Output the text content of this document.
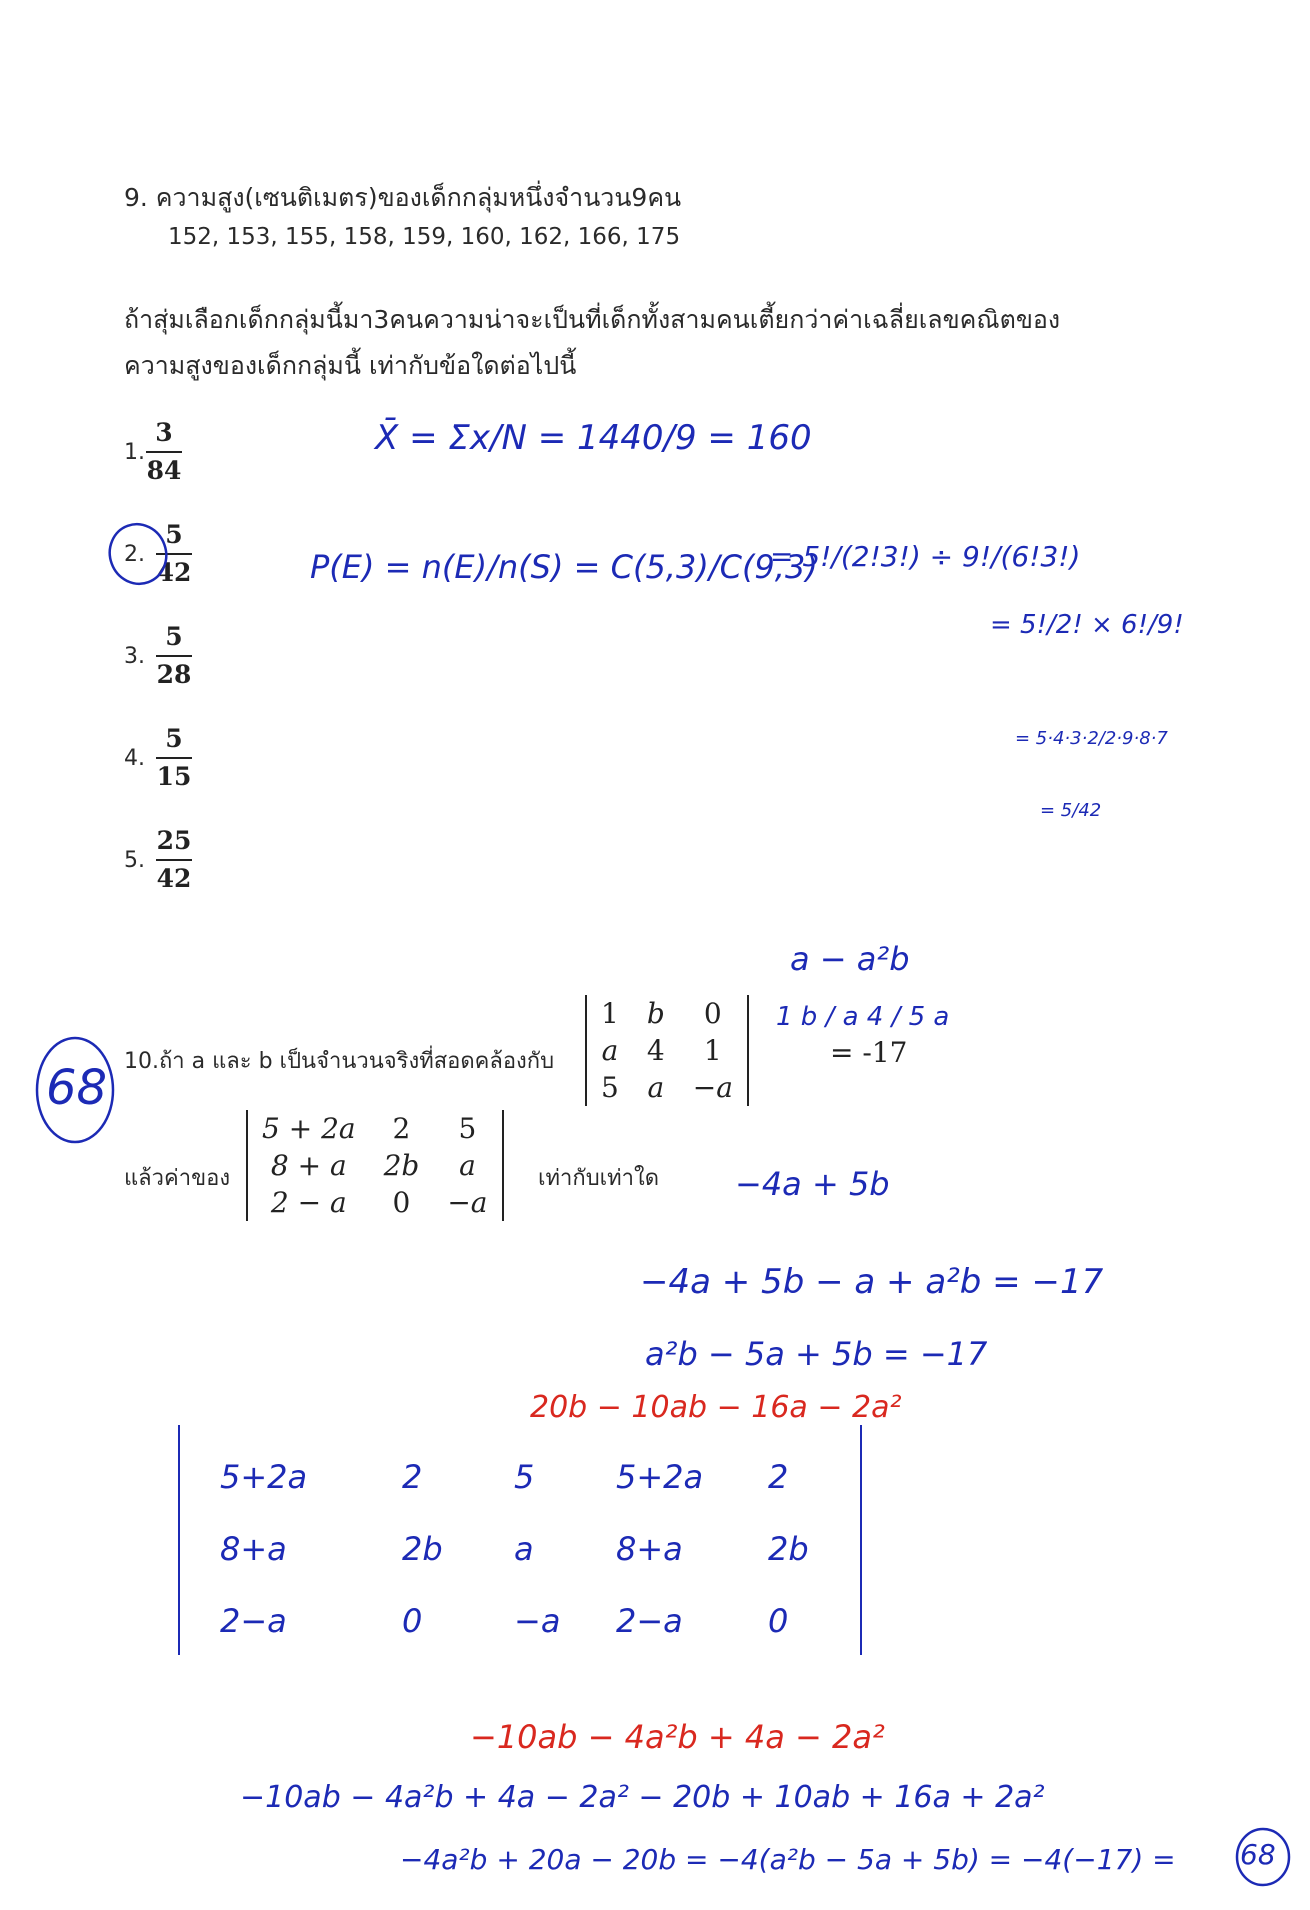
9. ความสูง(เซนติเมตร)ของเด็กกลุ่มหนึ่งจำนวน9คน
152, 153, 155, 158, 159, 160, 162, 166, 175
ถ้าสุ่มเลือกเด็กกลุ่มนี้มา3คนความน่าจะเป็นที่เด็กทั้งสามคนเตี้ยกว่าค่าเฉลี่ยเลขคณิตของ
ความสูงของเด็กกลุ่มนี้ เท่ากับข้อใดต่อไปนี้
1.
3
84
2.
5
42
3.
5
28
4.
5
15
5.
25
42
X̄ = Σx/N = 1440/9 = 160
P(E) = n(E)/n(S) = C(5,3)/C(9,3)
= 5!/(2!3!) ÷ 9!/(6!3!)
= 5!/2! × 6!/9!
= 5·4·3·2/2·9·8·7
= 5/42
a − a²b
68 10.ถ้า a และ b เป็นจำนวนจริงที่สอดคล้องกับ
1	b	0
a	4	1
5	a	−a
1 b / a 4 / 5 a
= -17
แล้วค่าของ
5 + 2a	2	5
8 + a	2b	a
2 − a	0	−a
เท่ากับเท่าใด −4a + 5b
−4a + 5b − a + a²b = −17
a²b − 5a + 5b = −17
20b − 10ab − 16a − 2a²
5+2a	2	5	5+2a	2
8+a	2b	a	8+a	2b
2−a	0	−a	2−a	0
−10ab − 4a²b + 4a − 2a²
−10ab − 4a²b + 4a − 2a² − 20b + 10ab + 16a + 2a²
−4a²b + 20a − 20b = −4(a²b − 5a + 5b) = −4(−17) = 68
